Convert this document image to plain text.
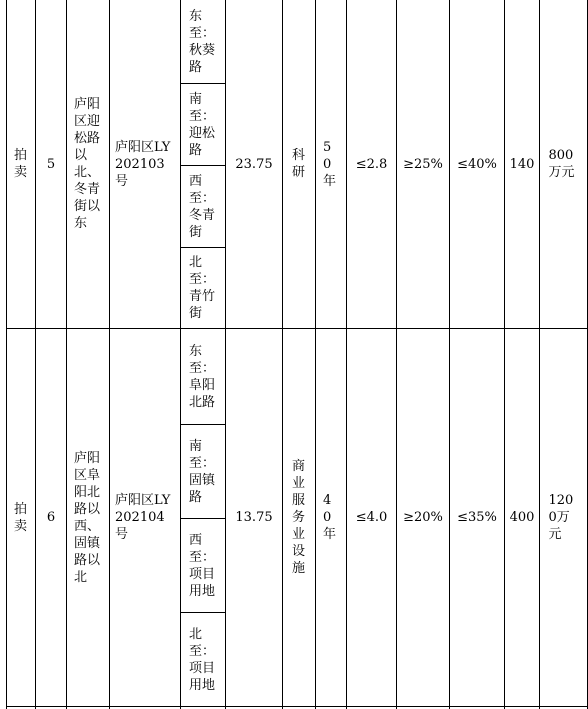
拍卖
5
庐阳区迎松路以北、冬青街以东
庐阳区LY202103号
东至：秋葵路
南至：迎松路
西至：冬青街
北至：青竹街
23.75
科研
50年
≤2.8 ≥25% ≤40% 140
800万元
拍卖
6
庐阳区阜阳北路以西、固镇路以北
庐阳区LY202104号
东至：阜阳北路
南至：固镇路
西至：项目用地
北至：项目用地
13.75
商业服务业设施
40年
≤4.0 ≥20% ≤35% 400
1200万元
